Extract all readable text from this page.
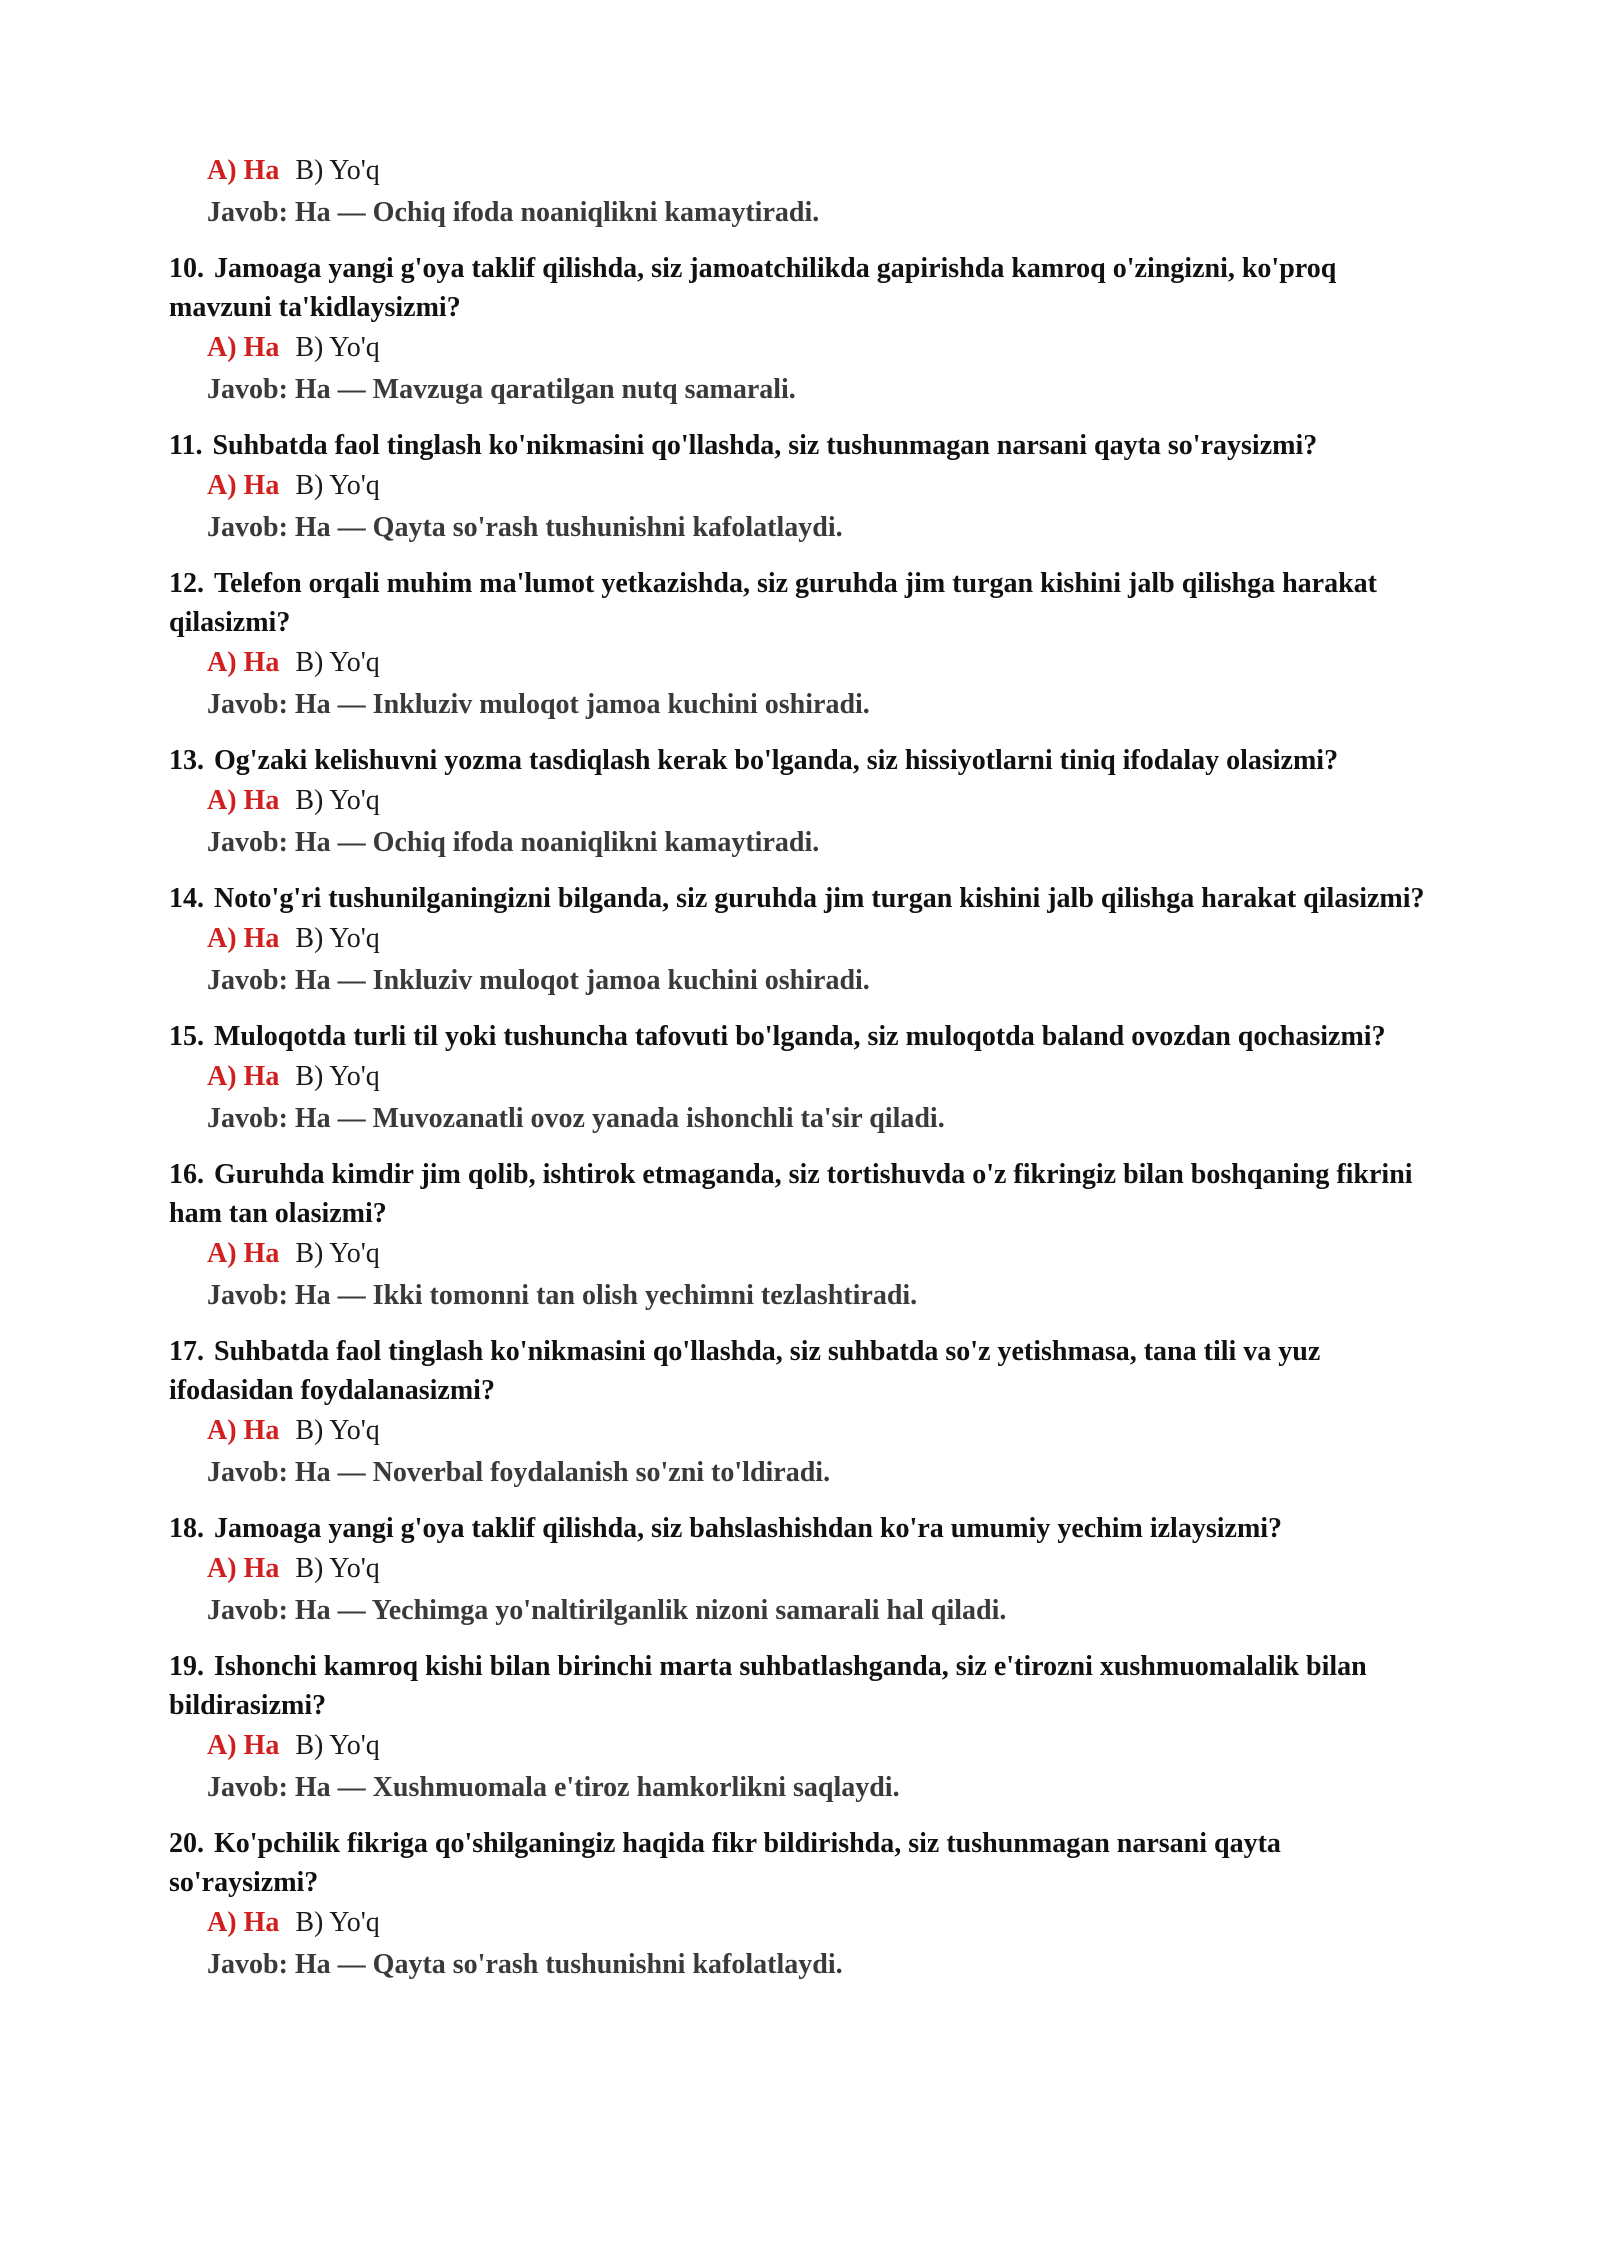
A) Ha B) Yo'q
Javob: Ha — Ochiq ifoda noaniqlikni kamaytiradi.
10. Jamoaga yangi g'oya taklif qilishda, siz jamoatchilikda gapirishda kamroq o'zingizni, ko'proq mavzuni ta'kidlaysizmi?
A) Ha B) Yo'q
Javob: Ha — Mavzuga qaratilgan nutq samarali.
11. Suhbatda faol tinglash ko'nikmasini qo'llashda, siz tushunmagan narsani qayta so'raysizmi?
A) Ha B) Yo'q
Javob: Ha — Qayta so'rash tushunishni kafolatlaydi.
12. Telefon orqali muhim ma'lumot yetkazishda, siz guruhda jim turgan kishini jalb qilishga harakat qilasizmi?
A) Ha B) Yo'q
Javob: Ha — Inkluziv muloqot jamoa kuchini oshiradi.
13. Og'zaki kelishuvni yozma tasdiqlash kerak bo'lganda, siz hissiyotlarni tiniq ifodalay olasizmi?
A) Ha B) Yo'q
Javob: Ha — Ochiq ifoda noaniqlikni kamaytiradi.
14. Noto'g'ri tushunilganingizni bilganda, siz guruhda jim turgan kishini jalb qilishga harakat qilasizmi?
A) Ha B) Yo'q
Javob: Ha — Inkluziv muloqot jamoa kuchini oshiradi.
15. Muloqotda turli til yoki tushuncha tafovuti bo'lganda, siz muloqotda baland ovozdan qochasizmi?
A) Ha B) Yo'q
Javob: Ha — Muvozanatli ovoz yanada ishonchli ta'sir qiladi.
16. Guruhda kimdir jim qolib, ishtirok etmaganda, siz tortishuvda o'z fikringiz bilan boshqaning fikrini ham tan olasizmi?
A) Ha B) Yo'q
Javob: Ha — Ikki tomonni tan olish yechimni tezlashtiradi.
17. Suhbatda faol tinglash ko'nikmasini qo'llashda, siz suhbatda so'z yetishmasa, tana tili va yuz ifodasidan foydalanasizmi?
A) Ha B) Yo'q
Javob: Ha — Noverbal foydalanish so'zni to'ldiradi.
18. Jamoaga yangi g'oya taklif qilishda, siz bahslashishdan ko'ra umumiy yechim izlaysizmi?
A) Ha B) Yo'q
Javob: Ha — Yechimga yo'naltirilganlik nizoni samarali hal qiladi.
19. Ishonchi kamroq kishi bilan birinchi marta suhbatlashganda, siz e'tirozni xushmuomalalik bilan bildirasizmi?
A) Ha B) Yo'q
Javob: Ha — Xushmuomala e'tiroz hamkorlikni saqlaydi.
20. Ko'pchilik fikriga qo'shilganingiz haqida fikr bildirishda, siz tushunmagan narsani qayta so'raysizmi?
A) Ha B) Yo'q
Javob: Ha — Qayta so'rash tushunishni kafolatlaydi.
